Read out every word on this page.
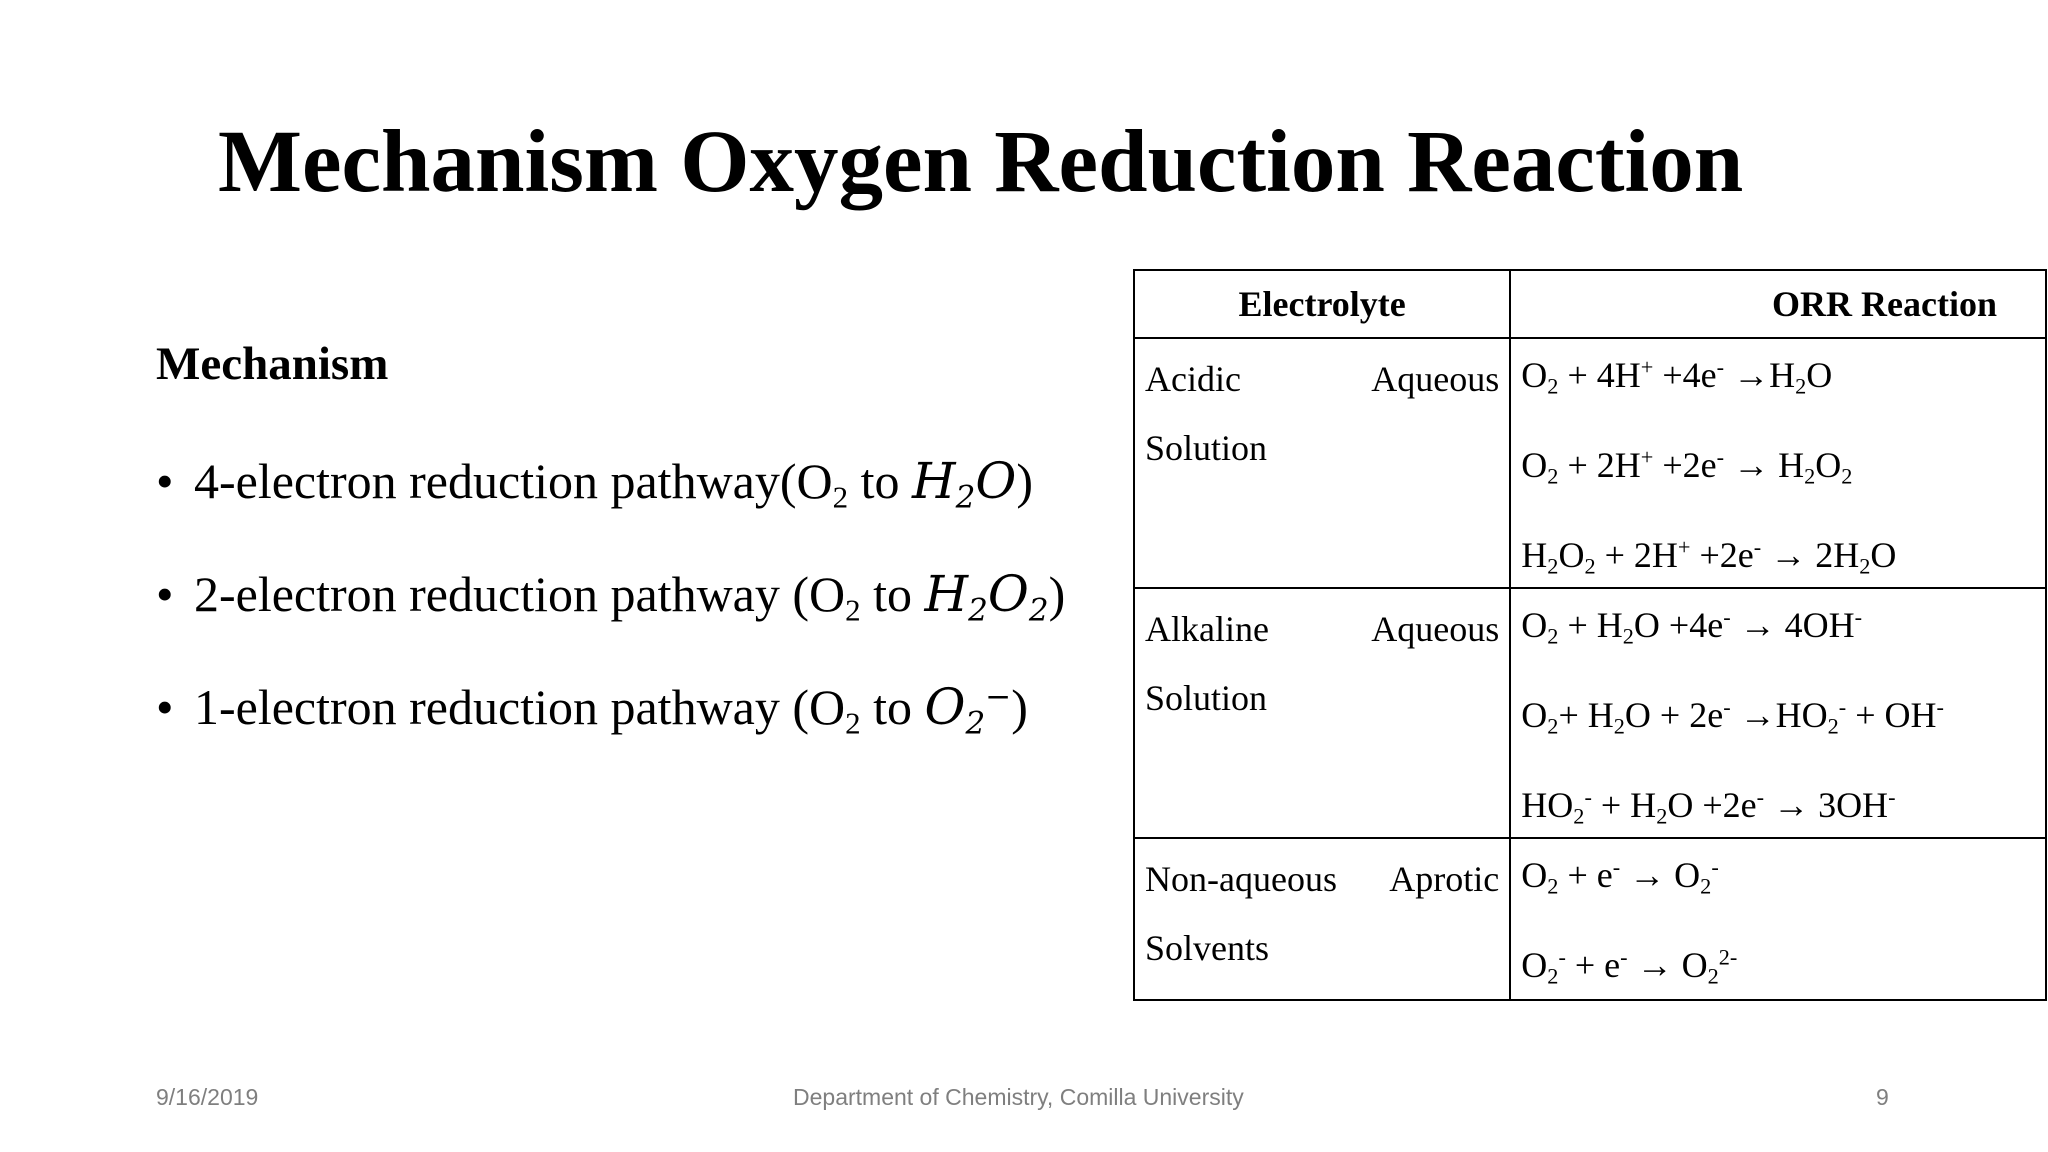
Mechanism Oxygen Reduction Reaction
Mechanism
• 4-electron reduction $pathway(O_2$ to $H_2O$)
• 2-electron reduction pathway ($O_2$ to $H_2O_2$)
• 1-electron reduction pathway ($O_2$ to $O_2^-$)
Electrolyte	ORR Reaction
Acidic Aqueous Solution	$O_2 + 4H^+ +4e^- \to H_2O$
$O_2 + 2H^+ +2e^- \to H_2O_2$
$H_2O_2 + 2H^+ +2e^- \to 2H_2O$

Alkaline Aqueous Solution	$O_2 + H_2O +4e^- \to 4OH^-$
$O_2+ H_2O + 2e^- \to HO_2^- + OH^-$
$HO_2^- + H_2O +2e^- \to 3OH^-$

Non-aqueous Aprotic Solvents	$O_2 + e^- \to O_2^-$
$O_2^- + e^- \to O_2^{2-}$
9/16/2019	Department of Chemistry, Comilla University	9
